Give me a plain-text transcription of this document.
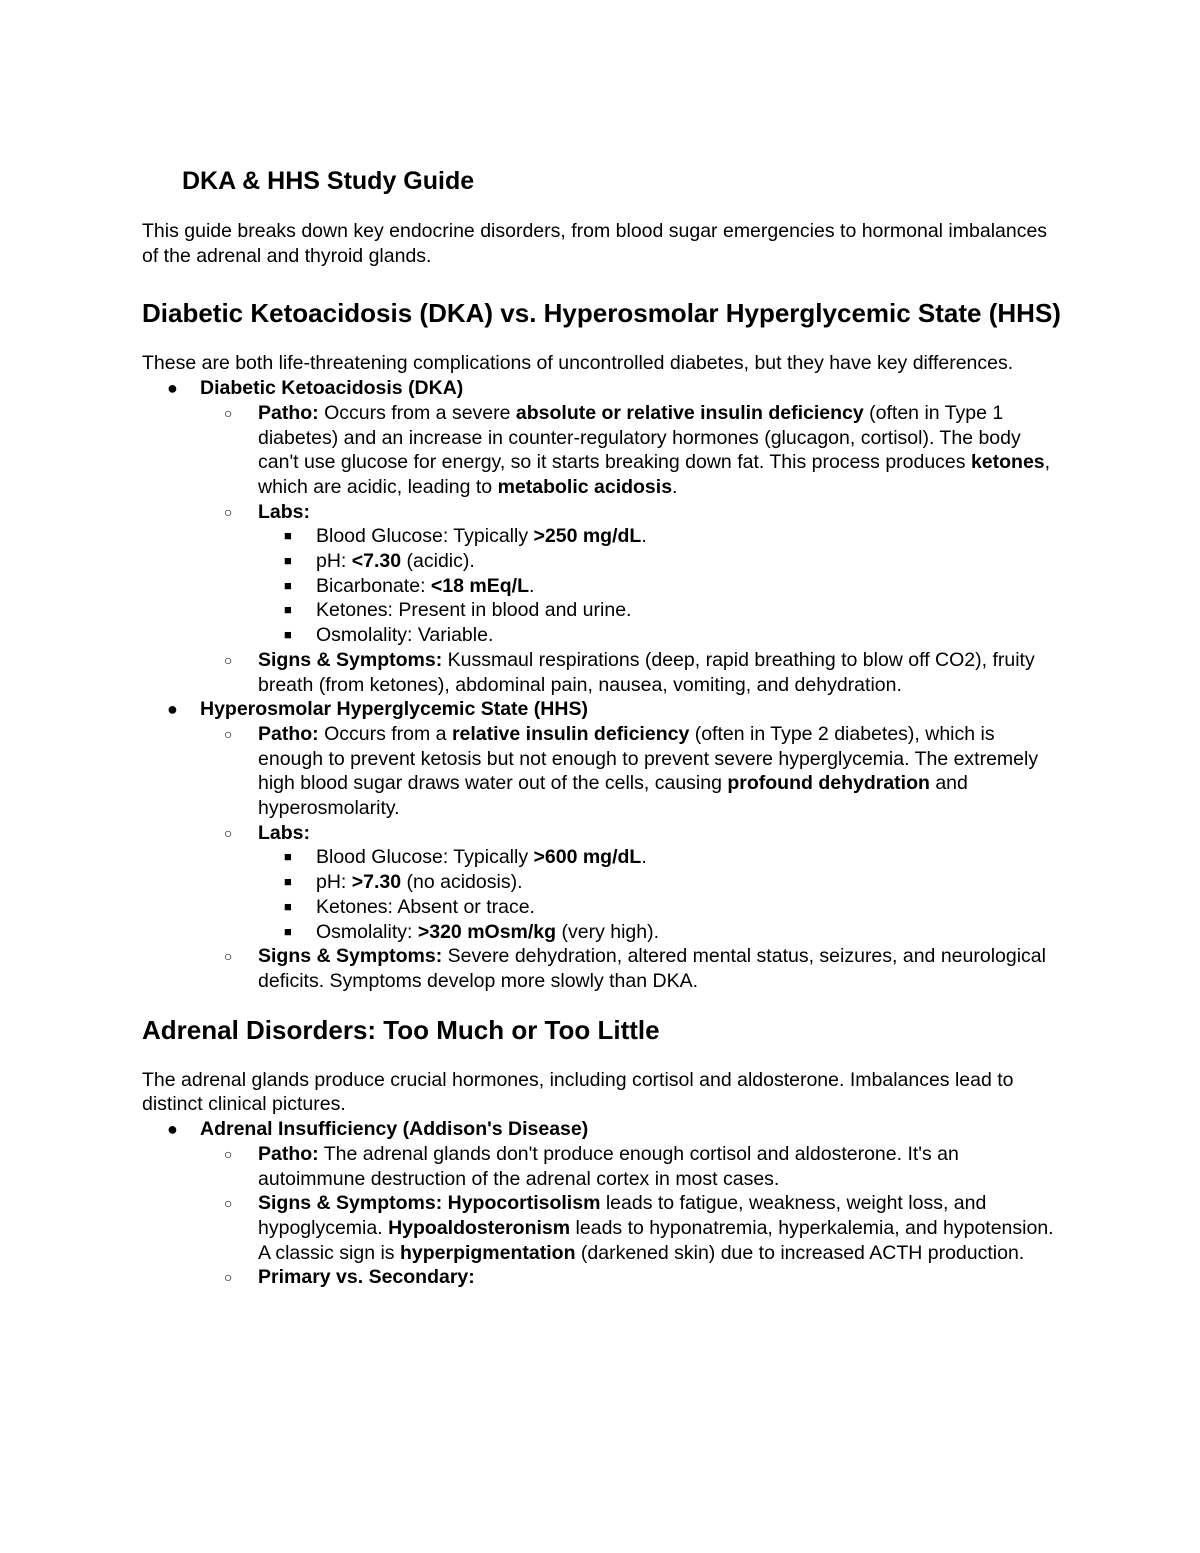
DKA & HHS Study Guide

This guide breaks down key endocrine disorders, from blood sugar emergencies to hormonal imbalances of the adrenal and thyroid glands.

Diabetic Ketoacidosis (DKA) vs. Hyperosmolar Hyperglycemic State (HHS)

These are both life-threatening complications of uncontrolled diabetes, but they have key differences.

● Diabetic Ketoacidosis (DKA)
○ Patho: Occurs from a severe absolute or relative insulin deficiency (often in Type 1 diabetes) and an increase in counter-regulatory hormones (glucagon, cortisol). The body can't use glucose for energy, so it starts breaking down fat. This process produces ketones, which are acidic, leading to metabolic acidosis.
○ Labs:
■ Blood Glucose: Typically >250 mg/dL.
■ pH: <7.30 (acidic).
■ Bicarbonate: <18 mEq/L.
■ Ketones: Present in blood and urine.
■ Osmolality: Variable.
○ Signs & Symptoms: Kussmaul respirations (deep, rapid breathing to blow off CO2), fruity breath (from ketones), abdominal pain, nausea, vomiting, and dehydration.
● Hyperosmolar Hyperglycemic State (HHS)
○ Patho: Occurs from a relative insulin deficiency (often in Type 2 diabetes), which is enough to prevent ketosis but not enough to prevent severe hyperglycemia. The extremely high blood sugar draws water out of the cells, causing profound dehydration and hyperosmolarity.
○ Labs:
■ Blood Glucose: Typically >600 mg/dL.
■ pH: >7.30 (no acidosis).
■ Ketones: Absent or trace.
■ Osmolality: >320 mOsm/kg (very high).
○ Signs & Symptoms: Severe dehydration, altered mental status, seizures, and neurological deficits. Symptoms develop more slowly than DKA.
Adrenal Disorders: Too Much or Too Little

The adrenal glands produce crucial hormones, including cortisol and aldosterone. Imbalances lead to distinct clinical pictures.

● Adrenal Insufficiency (Addison's Disease)
○ Patho: The adrenal glands don't produce enough cortisol and aldosterone. It's an autoimmune destruction of the adrenal cortex in most cases.
○ Signs & Symptoms: Hypocortisolism leads to fatigue, weakness, weight loss, and hypoglycemia. Hypoaldosteronism leads to hyponatremia, hyperkalemia, and hypotension. A classic sign is hyperpigmentation (darkened skin) due to increased ACTH production.
○ Primary vs. Secondary:
